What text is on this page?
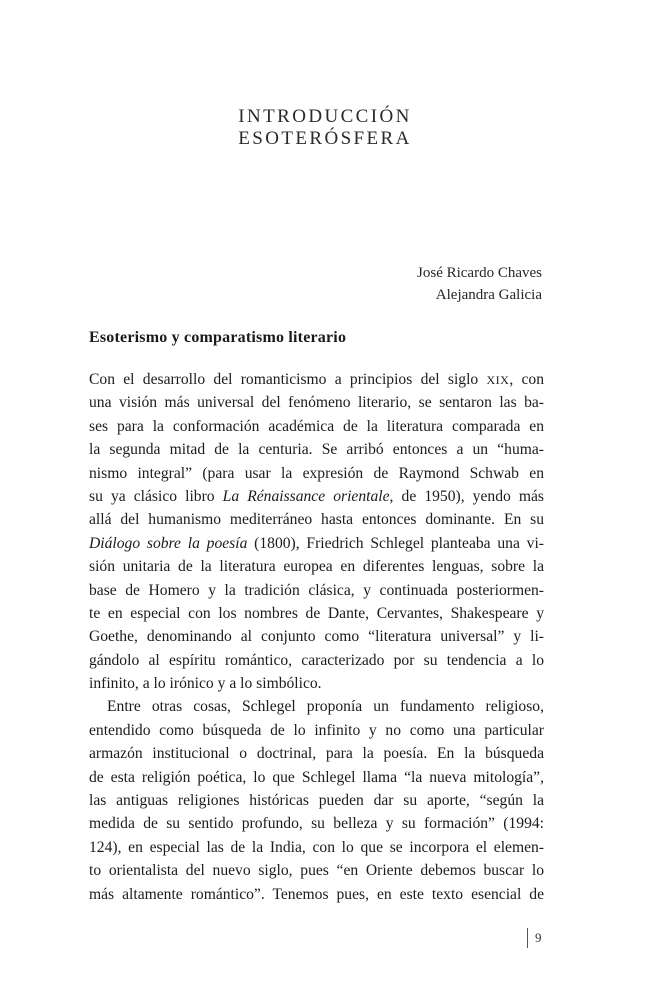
INTRODUCCIÓN
ESOTERÓSFERA
José Ricardo Chaves
Alejandra Galicia
Esoterismo y comparatismo literario
Con el desarrollo del romanticismo a principios del siglo XIX, con
una visión más universal del fenómeno literario, se sentaron las ba-
ses para la conformación académica de la literatura comparada en
la segunda mitad de la centuria. Se arribó entonces a un “huma-
nismo integral” (para usar la expresión de Raymond Schwab en
su ya clásico libro La Rénaissance orientale, de 1950), yendo más
allá del humanismo mediterráneo hasta entonces dominante. En su
Diálogo sobre la poesía (1800), Friedrich Schlegel planteaba una vi-
sión unitaria de la literatura europea en diferentes lenguas, sobre la
base de Homero y la tradición clásica, y continuada posteriormen-
te en especial con los nombres de Dante, Cervantes, Shakespeare y
Goethe, denominando al conjunto como “literatura universal” y li-
gándolo al espíritu romántico, caracterizado por su tendencia a lo
infinito, a lo irónico y a lo simbólico.
Entre otras cosas, Schlegel proponía un fundamento religioso,
entendido como búsqueda de lo infinito y no como una particular
armazón institucional o doctrinal, para la poesía. En la búsqueda
de esta religión poética, lo que Schlegel llama “la nueva mitología”,
las antiguas religiones históricas pueden dar su aporte, “según la
medida de su sentido profundo, su belleza y su formación” (1994:
124), en especial las de la India, con lo que se incorpora el elemen-
to orientalista del nuevo siglo, pues “en Oriente debemos buscar lo
más altamente romántico”. Tenemos pues, en este texto esencial de
9
